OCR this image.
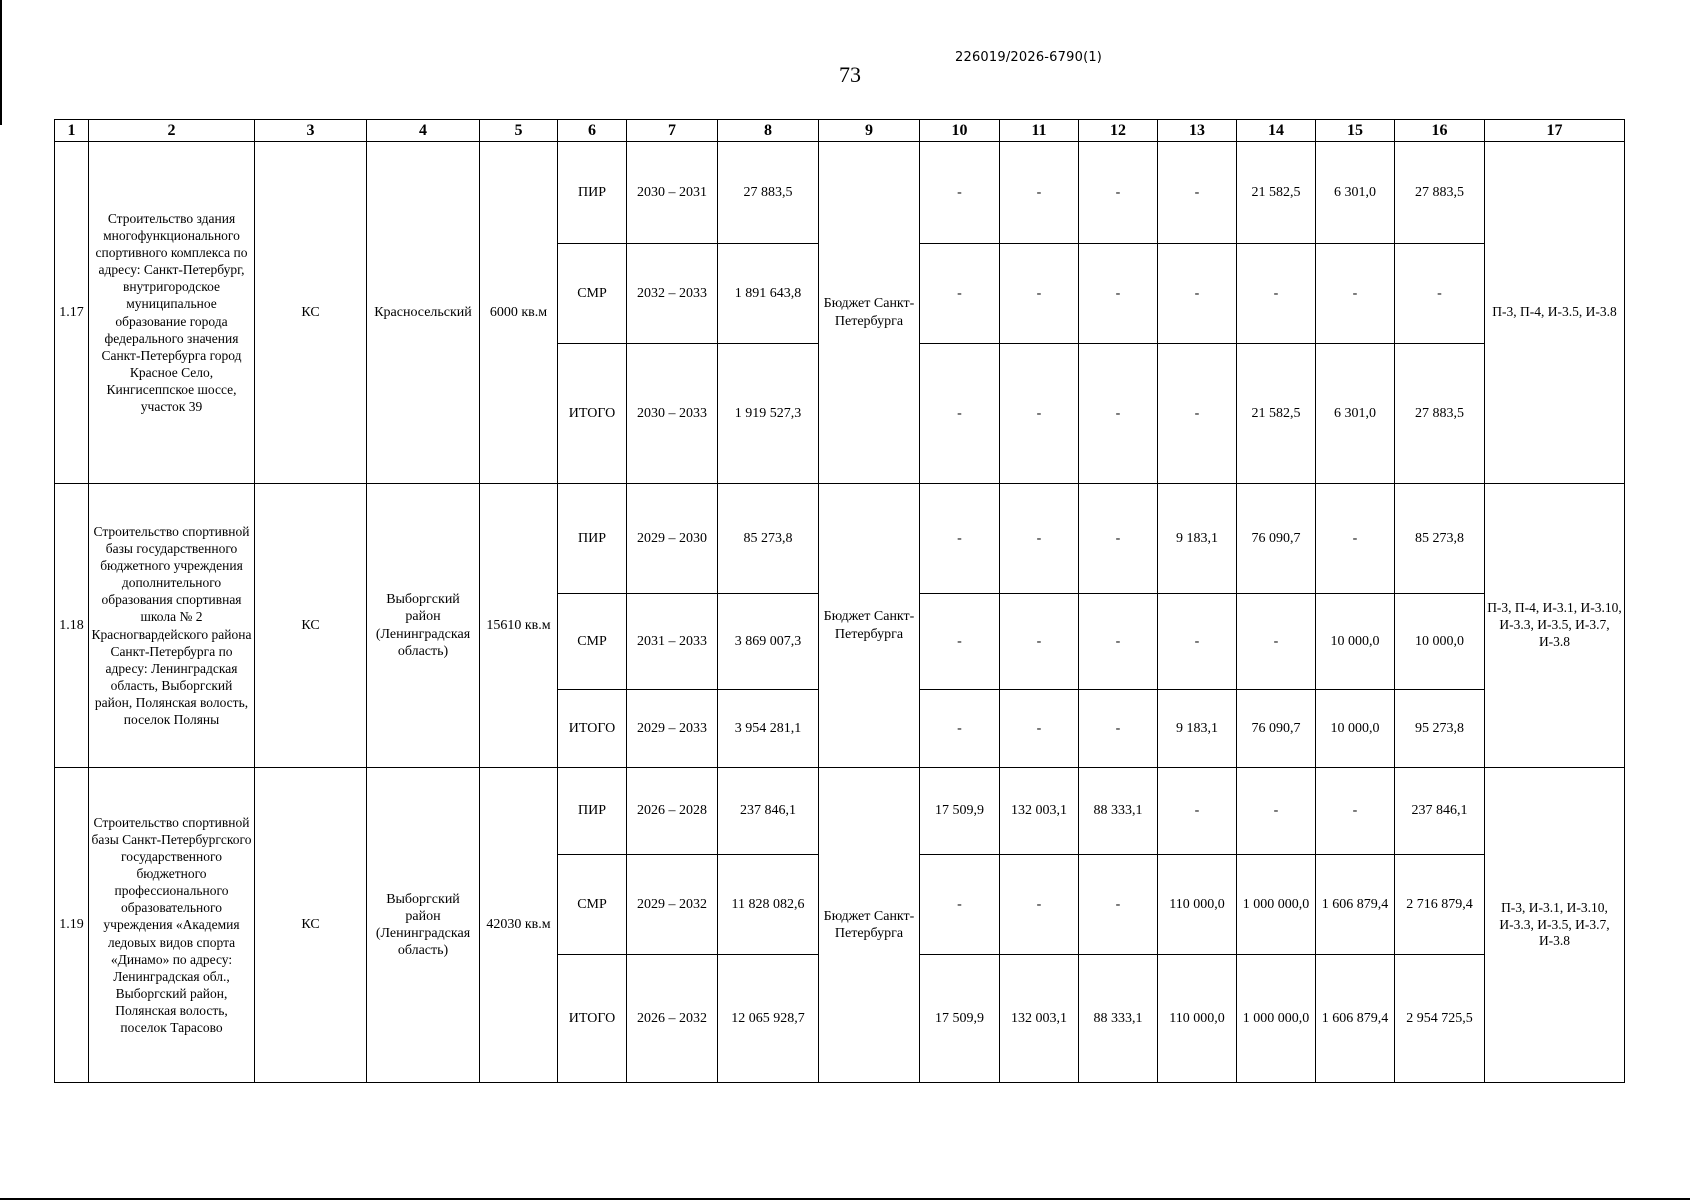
73
226019/2026-6790(1)
1	2	3	4	5	6	7	8	9	10	11	12	13	14	15	16	17
1.17	Строительство здания многофункционального спортивного комплекса по адресу: Санкт-Петербург, внутригородское муниципальное образование города федерального значения Санкт-Петербурга город Красное Село, Кингисеппское шоссе, участок 39	КС	Красносельский	6000 кв.м	ПИР	2030 – 2031	27 883,5	Бюджет Санкт-Петербурга	-	-	-	-	21 582,5	6 301,0	27 883,5	П-3, П-4, И-3.5, И-3.8
					СМР	2032 – 2033	1 891 643,8		-	-	-	-	-	-	-	
					ИТОГО	2030 – 2033	1 919 527,3		-	-	-	-	21 582,5	6 301,0	27 883,5	
1.18	Строительство спортивной базы государственного бюджетного учреждения дополнительного образования спортивная школа № 2 Красногвардейского района Санкт-Петербурга по адресу: Ленинградская область, Выборгский район, Полянская волость, поселок Поляны	КС	Выборгский район (Ленинградская область)	15610 кв.м	ПИР	2029 – 2030	85 273,8	Бюджет Санкт-Петербурга	-	-	-	9 183,1	76 090,7	-	85 273,8	П-3, П-4, И-3.1, И-3.10, И-3.3, И-3.5, И-3.7, И-3.8
					СМР	2031 – 2033	3 869 007,3		-	-	-	-	-	10 000,0	10 000,0	
					ИТОГО	2029 – 2033	3 954 281,1		-	-	-	9 183,1	76 090,7	10 000,0	95 273,8	
1.19	Строительство спортивной базы Санкт-Петербургского государственного бюджетного профессионального образовательного учреждения «Академия ледовых видов спорта «Динамо» по адресу: Ленинградская обл., Выборгский район, Полянская волость, поселок Тарасово	КС	Выборгский район (Ленинградская область)	42030 кв.м	ПИР	2026 – 2028	237 846,1	Бюджет Санкт-Петербурга	17 509,9	132 003,1	88 333,1	-	-	-	237 846,1	П-3, И-3.1, И-3.10, И-3.3, И-3.5, И-3.7, И-3.8
					СМР	2029 – 2032	11 828 082,6		-	-	-	110 000,0	1 000 000,0	1 606 879,4	2 716 879,4	
					ИТОГО	2026 – 2032	12 065 928,7		17 509,9	132 003,1	88 333,1	110 000,0	1 000 000,0	1 606 879,4	2 954 725,5	
